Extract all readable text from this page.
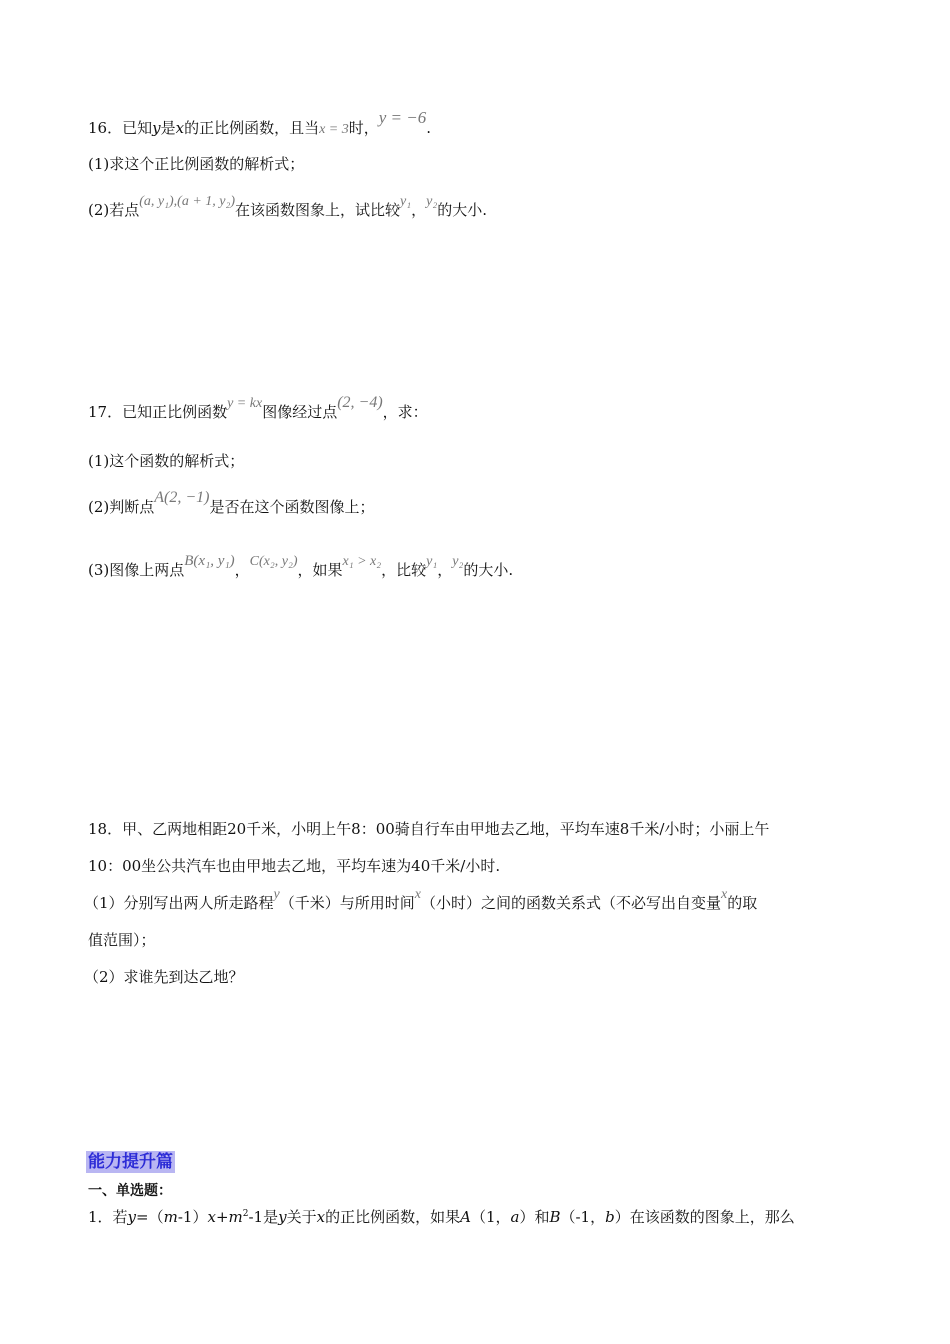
16．已知y是x的正比例函数，且当x = 3时，y = −6.
(1)求这个正比例函数的解析式；
(2)若点(a, y₁),(a + 1, y₂)在该函数图象上，试比较y₁，y₂的大小.
17．已知正比例函数y = kx图像经过点(2, −4)，求：
(1)这个函数的解析式；
(2)判断点A(2, −1)是否在这个函数图像上；
(3)图像上两点B(x₁, y₁)，C(x₂, y₂)，如果x₁ > x₂，比较y₁，y₂的大小.
18．甲、乙两地相距20千米，小明上午8：00骑自行车由甲地去乙地，平均车速8千米/小时；小丽上午
10：00坐公共汽车也由甲地去乙地，平均车速为40千米/小时.
（1）分别写出两人所走路程y（千米）与所用时间x（小时）之间的函数关系式（不必写出自变量x的取
值范围）；
（2）求谁先到达乙地？
能力提升篇
一、单选题：
1．若$y=(m-1)x+m^2-1$是y关于x的正比例函数，如果A（1，a）和B（-1，b）在该函数的图象上，那么
